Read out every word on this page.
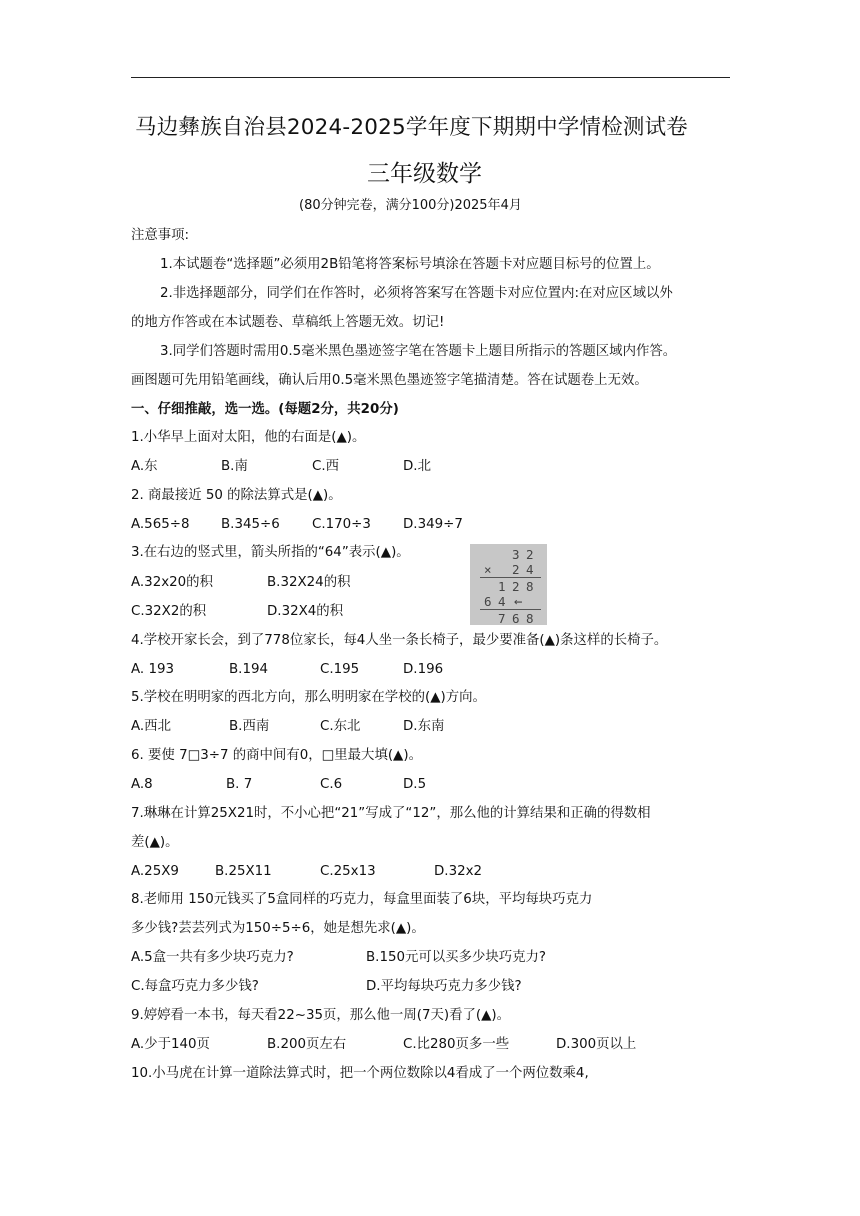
马边彝族自治县2024-2025学年度下期期中学情检测试卷
三年级数学
(80分钟完卷，满分100分)2025年4月
注意事项:
1.本试题卷“选择题”必须用2B铅笔将答案标号填涂在答题卡对应题目标号的位置上。
2.非选择题部分，同学们在作答时，必须将答案写在答题卡对应位置内:在对应区域以外
的地方作答或在本试题卷、草稿纸上答题无效。切记!
3.同学们答题时需用0.5毫米黑色墨迹签字笔在答题卡上题目所指示的答题区域内作答。
画图题可先用铅笔画线，确认后用0.5毫米黑色墨迹签字笔描清楚。答在试题卷上无效。
一、仔细推敲，选一选。(每题2分，共20分)
1.小华早上面对太阳，他的右面是(▲)。
A.东	B.南	C.西	D.北
2. 商最接近 50 的除法算式是(▲)。
A.565÷8 B.345÷6 C.170÷3 D.349÷7
3.在右边的竖式里，箭头所指的“64”表示(▲)。
A.32x20的积	B.32X24的积
C.32X2的积	D.32X4的积
3 2
× 2 4
1 2 8
6 4 ←
7 6 8
4.学校开家长会，到了778位家长，每4人坐一条长椅子，最少要准备(▲)条这样的长椅子。
A. 193	B.194	C.195	D.196
5.学校在明明家的西北方向，那么明明家在学校的(▲)方向。
A.西北	B.西南	C.东北	D.东南
6. 要使 7□3÷7 的商中间有0，□里最大填(▲)。
A.8	B. 7	C.6	D.5
7.琳琳在计算25X21时，不小心把“21”写成了“12”，那么他的计算结果和正确的得数相
差(▲)。
A.25X9	B.25X11	C.25x13	D.32x2
8.老师用 150元钱买了5盒同样的巧克力，每盒里面装了6块，平均每块巧克力
多少钱?芸芸列式为150÷5÷6，她是想先求(▲)。
A.5盒一共有多少块巧克力?	B.150元可以买多少块巧克力?
C.每盒巧克力多少钱?	D.平均每块巧克力多少钱?
9.婷婷看一本书，每天看22~35页，那么他一周(7天)看了(▲)。
A.少于140页	B.200页左右	C.比280页多一些	D.300页以上
10.小马虎在计算一道除法算式时，把一个两位数除以4看成了一个两位数乘4,
